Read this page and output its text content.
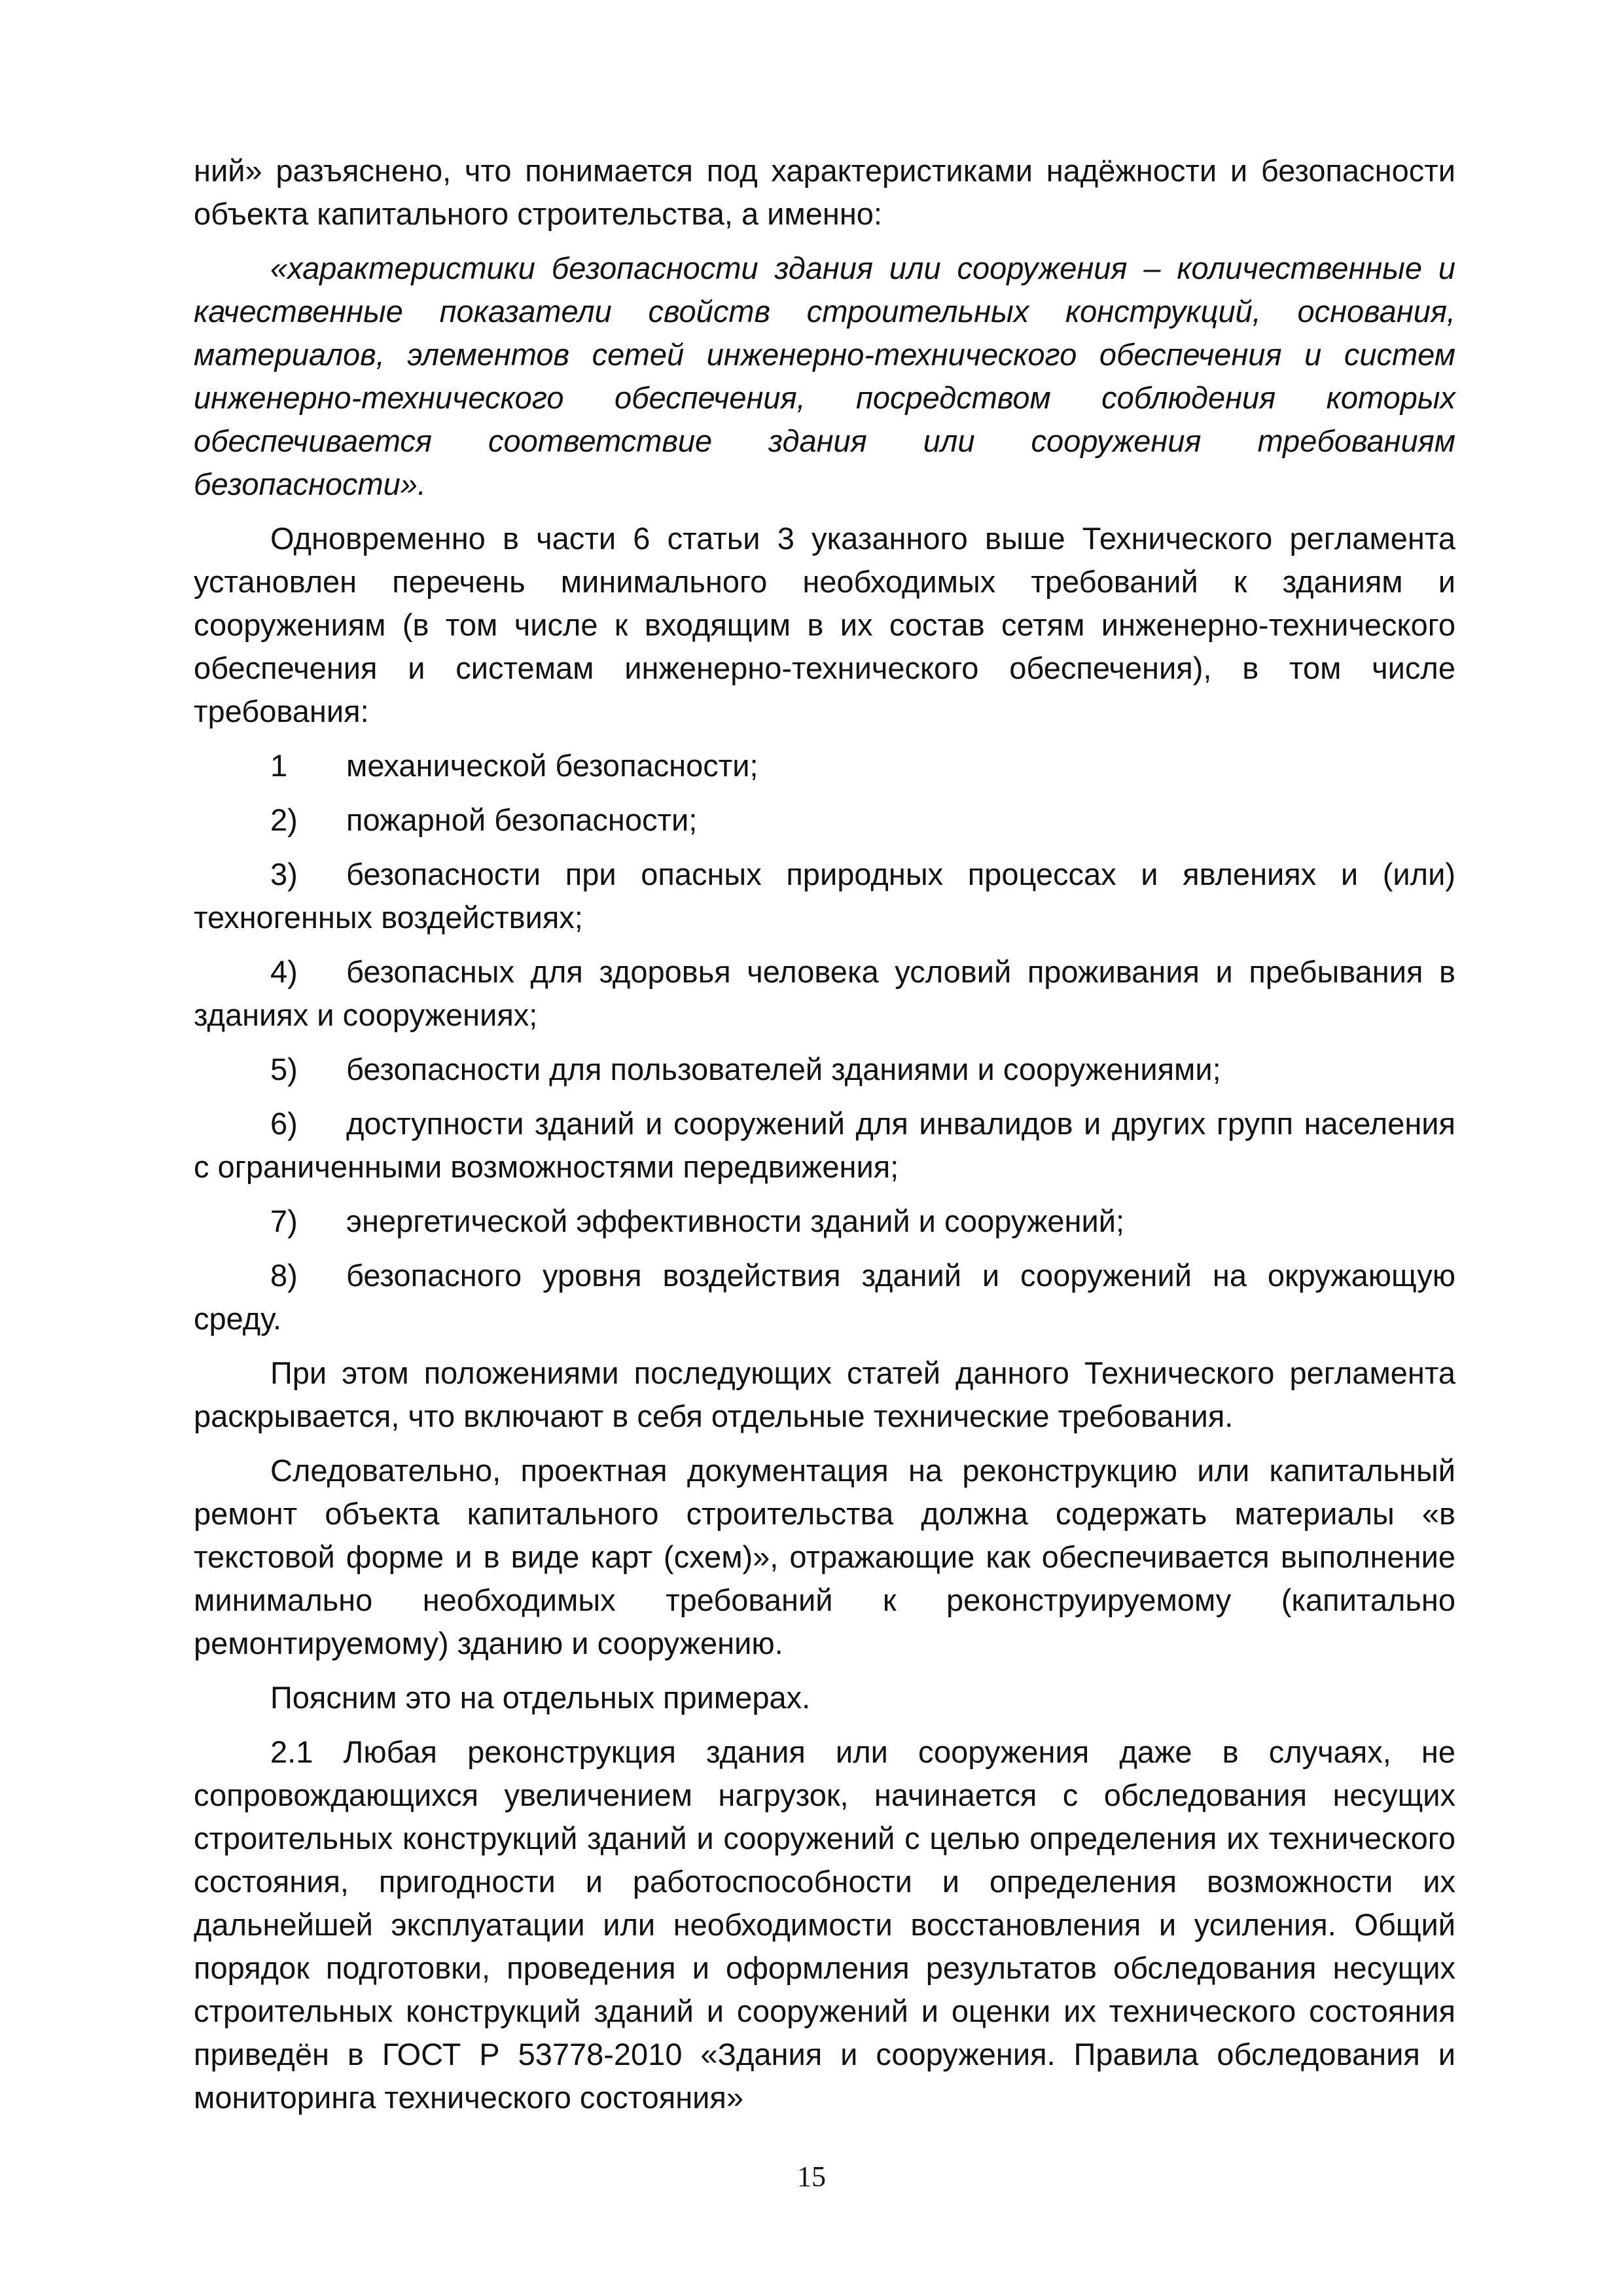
ний» разъяснено, что понимается под характеристиками надёжности и безопасности объекта капитального строительства, а именно:

«характеристики безопасности здания или сооружения – количественные и качественные показатели свойств строительных конструкций, основания, материалов, элементов сетей инженерно-технического обеспечения и систем инженерно-технического обеспечения, посредством соблюдения которых обеспечивается соответствие здания или сооружения требованиям безопасности».

Одновременно в части 6 статьи 3 указанного выше Технического регламента установлен перечень минимального необходимых требований к зданиям и сооружениям (в том числе к входящим в их состав сетям инженерно-технического обеспечения и системам инженерно-технического обеспечения), в том числе требования:

1 механической безопасности;

2) пожарной безопасности;

3) безопасности при опасных природных процессах и явлениях и (или) техногенных воздействиях;

4) безопасных для здоровья человека условий проживания и пребывания в зданиях и сооружениях;

5) безопасности для пользователей зданиями и сооружениями;

6) доступности зданий и сооружений для инвалидов и других групп населения с ограниченными возможностями передвижения;

7) энергетической эффективности зданий и сооружений;

8) безопасного уровня воздействия зданий и сооружений на окружающую среду.

При этом положениями последующих статей данного Технического регламента раскрывается, что включают в себя отдельные технические требования.

Следовательно, проектная документация на реконструкцию или капитальный ремонт объекта капитального строительства должна содержать материалы «в текстовой форме и в виде карт (схем)», отражающие как обеспечивается выполнение минимально необходимых требований к реконструируемому (капитально ремонтируемому) зданию и сооружению.

Поясним это на отдельных примерах.

2.1 Любая реконструкция здания или сооружения даже в случаях, не сопровождающихся увеличением нагрузок, начинается с обследования несущих строительных конструкций зданий и сооружений с целью определения их технического состояния, пригодности и работоспособности и определения возможности их дальнейшей эксплуатации или необходимости восстановления и усиления. Общий порядок подготовки, проведения и оформления результатов обследования несущих строительных конструкций зданий и сооружений и оценки их технического состояния приведён в ГОСТ Р 53778-2010 «Здания и сооружения. Правила обследования и мониторинга технического состояния»

15
